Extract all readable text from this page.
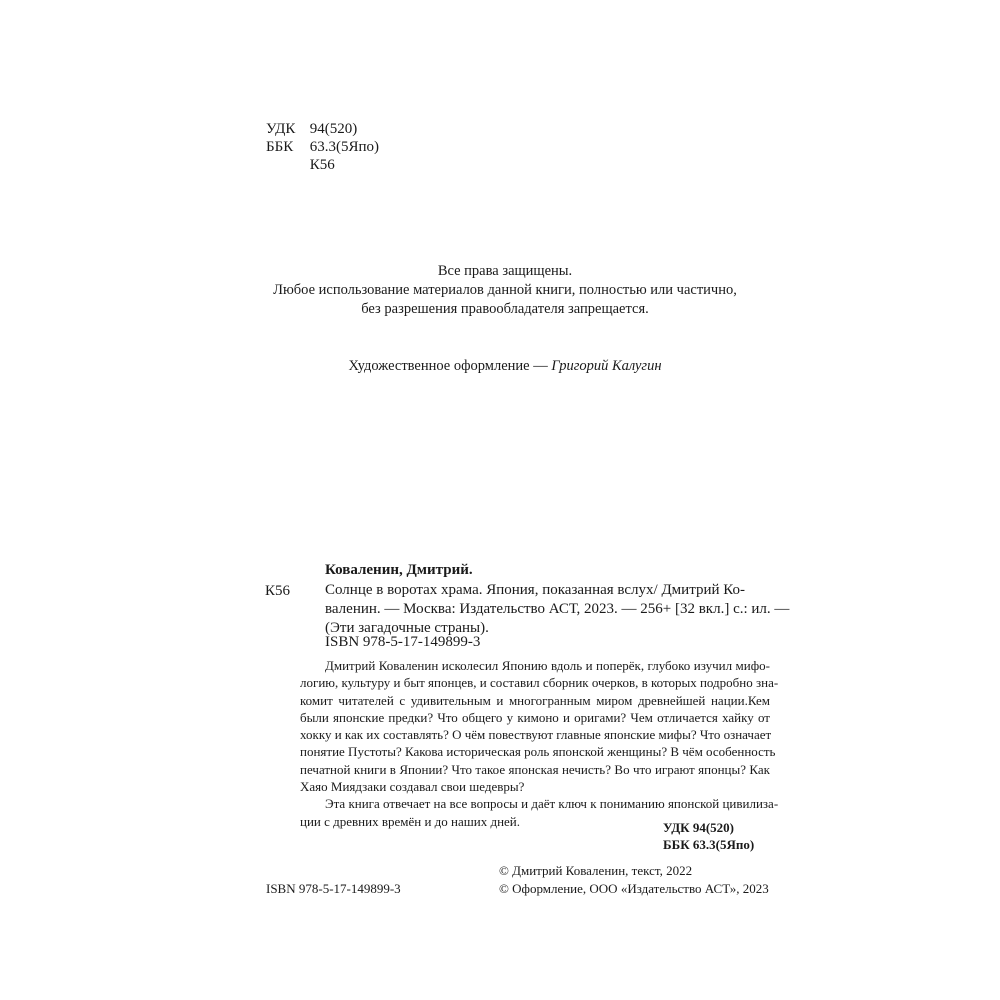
УДК 94(520)
ББК 63.3(5Япо)
К56
Все права защищены.
Любое использование материалов данной книги, полностью или частично,
без разрешения правообладателя запрещается.
Художественное оформление — Григорий Калугин
Коваленин, Дмитрий.
К56 Солнце в воротах храма. Япония, показанная вслух/ Дмитрий Ко-
валенин. — Москва: Издательство АСТ, 2023. — 256+ [32 вкл.] с.: ил. —
(Эти загадочные страны).
ISBN 978-5-17-149899-3
Дмитрий Коваленин исколесил Японию вдоль и поперёк, глубоко изучил мифо-
логию, культуру и быт японцев, и составил сборник очерков, в которых подробно зна-
комит читателей с удивительным и многогранным миром древнейшей нации.Кем
были японские предки? Что общего у кимоно и оригами? Чем отличается хайку от
хокку и как их составлять? О чём повествуют главные японские мифы? Что означает
понятие Пустоты? Какова историческая роль японской женщины? В чём особенность
печатной книги в Японии? Что такое японская нечисть? Во что играют японцы? Как
Хаяо Миядзаки создавал свои шедевры?
Эта книга отвечает на все вопросы и даёт ключ к пониманию японской цивилиза-
ции с древних времён и до наших дней.	УДК 94(520)
ББК 63.3(5Япо)
© Дмитрий Коваленин, текст, 2022
© Оформление, ООО «Издательство АСТ», 2023
ISBN 978-5-17-149899-3
